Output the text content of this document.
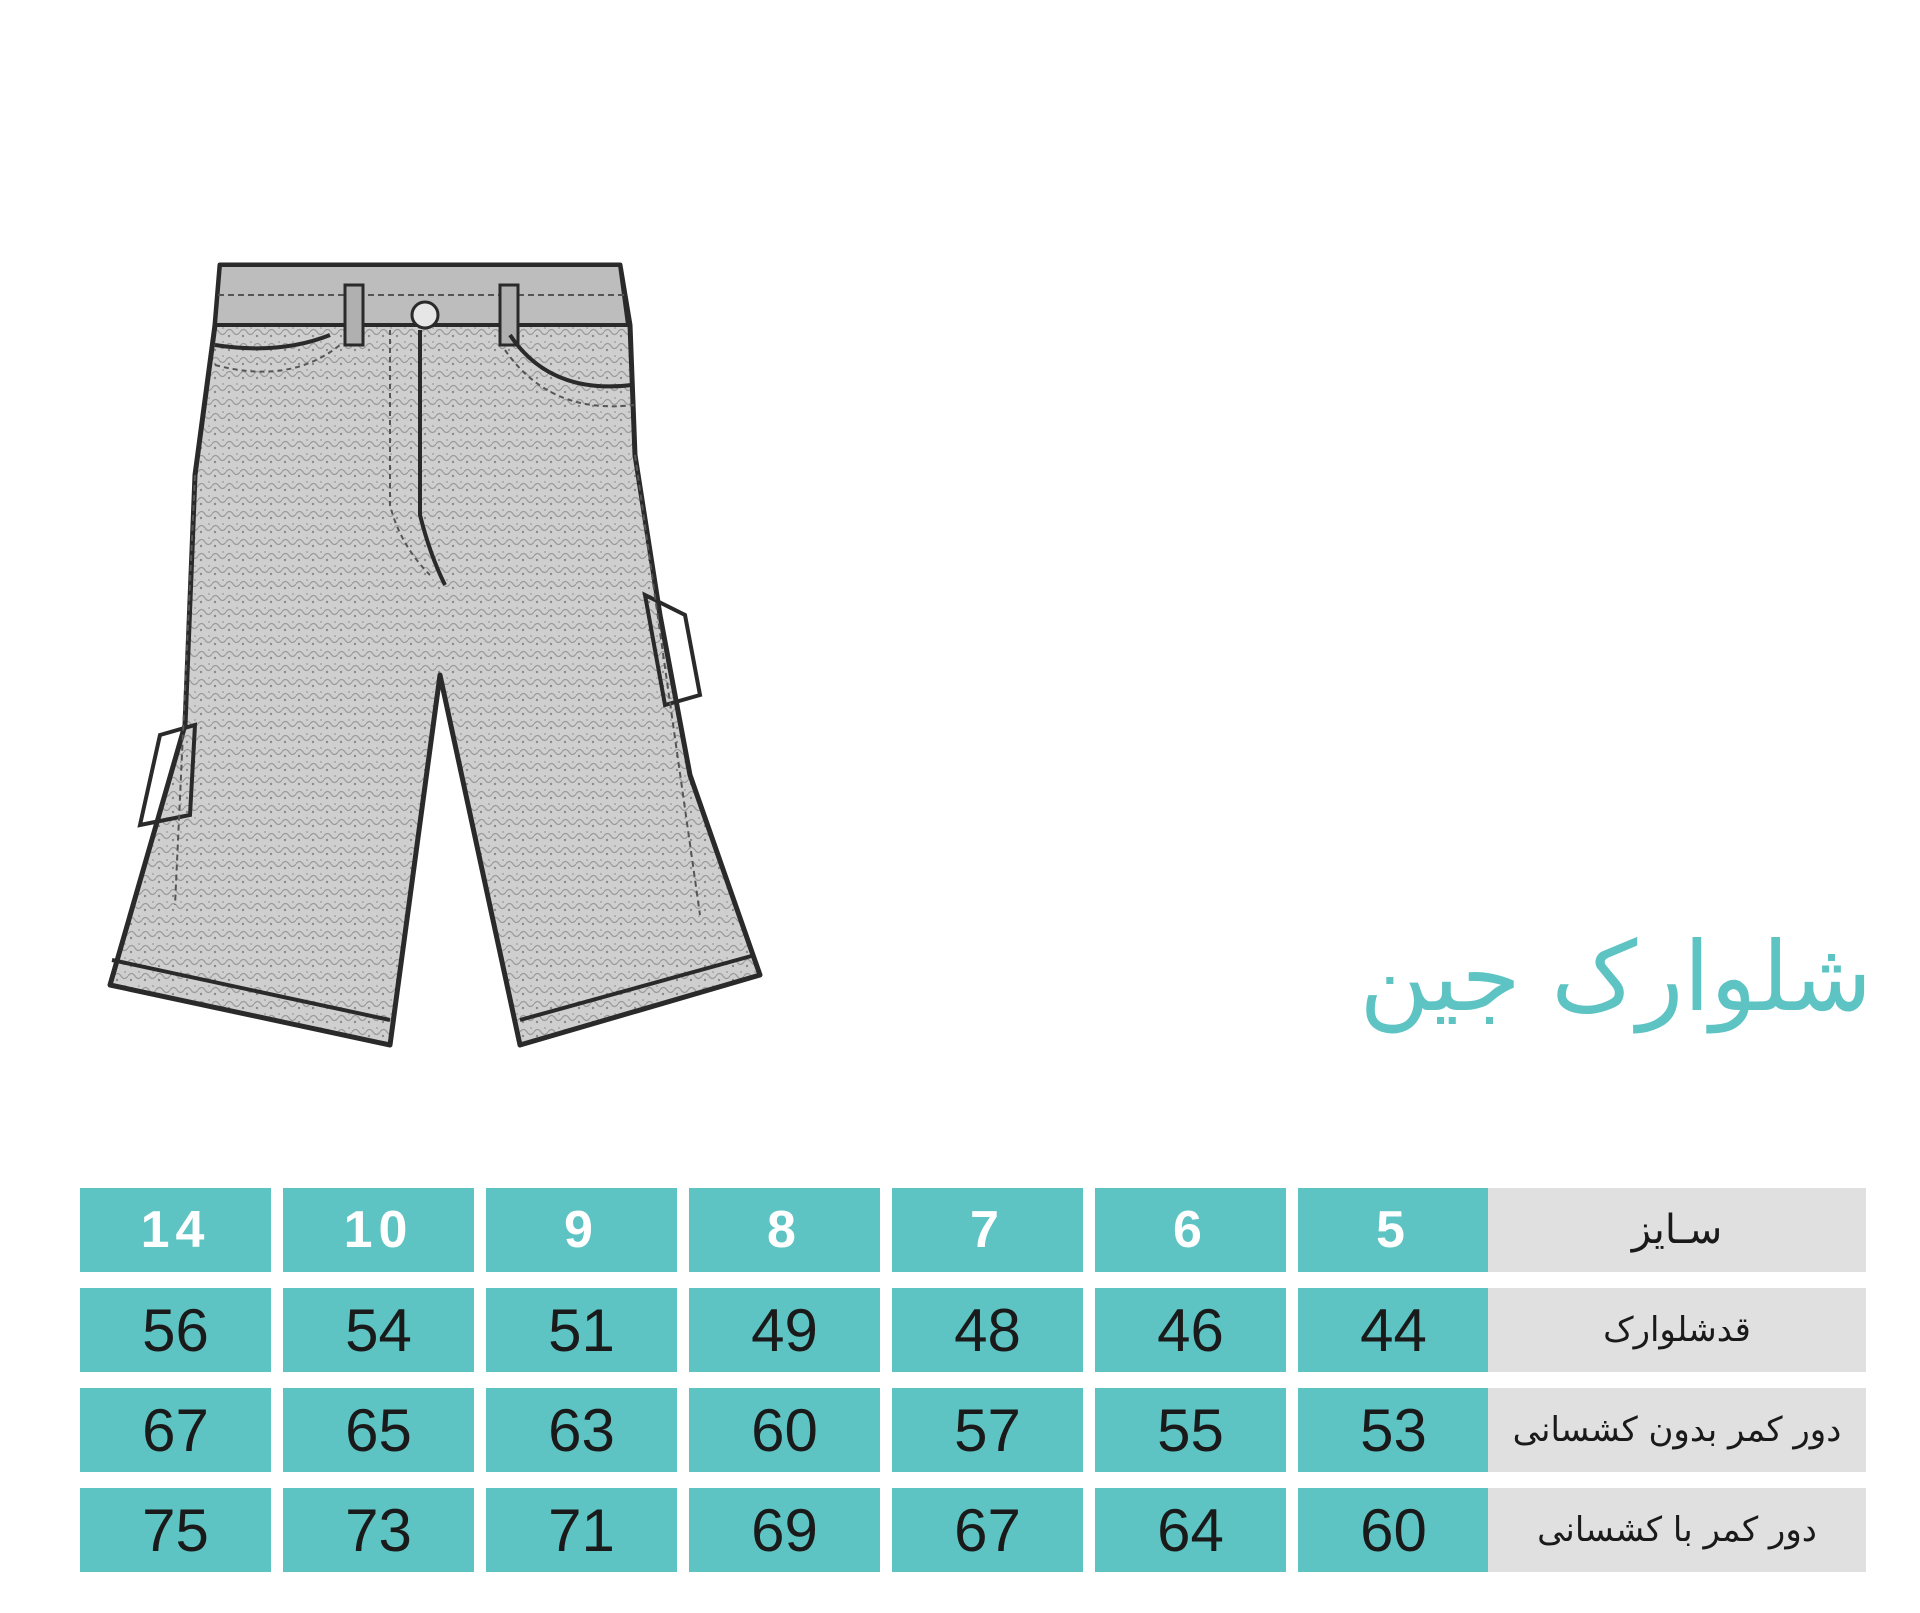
شلوارک جین
14	10	9	8	7	6	5	سـایز
56	54	51	49	48	46	44	قدشلوارک
67	65	63	60	57	55	53	دور کمر بدون کشسانی
75	73	71	69	67	64	60	دور کمر با کشسانی
